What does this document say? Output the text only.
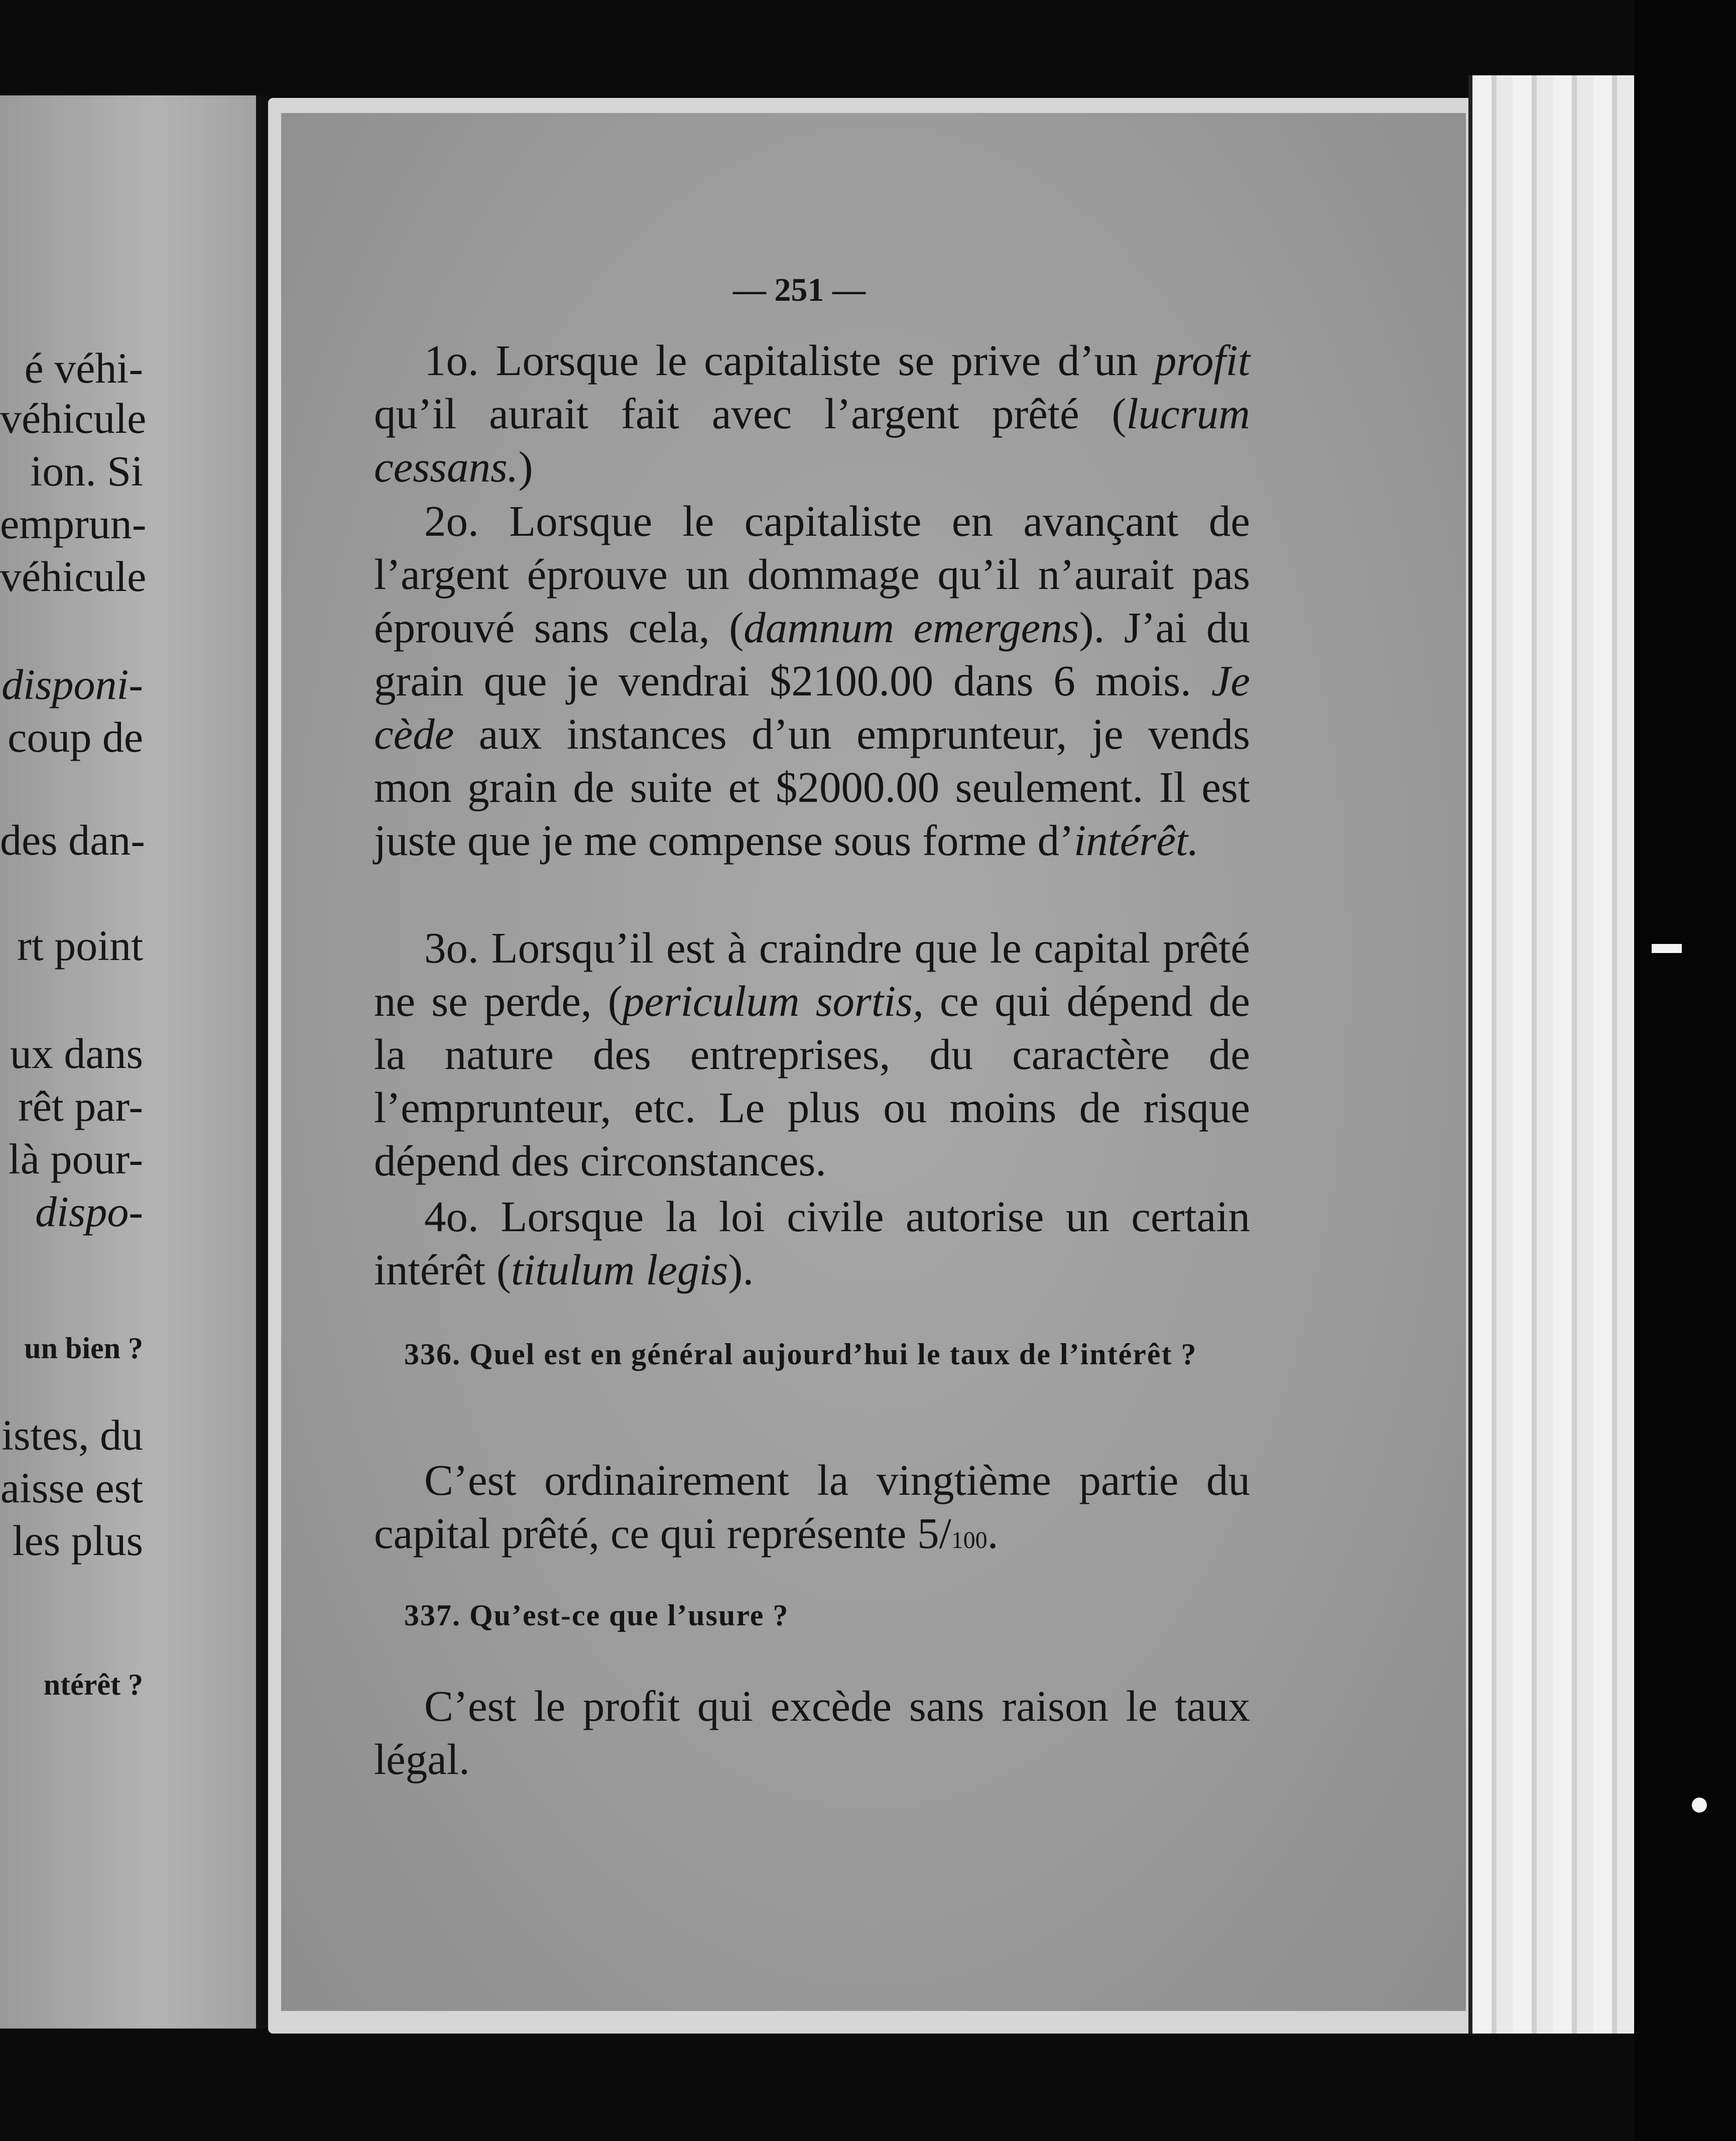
é véhi-
véhicule
ion. Si
emprun-
véhicule
disponi-
coup de
des dan-
rt point
ux dans
rêt par-
là pour-
dispo-
un bien ?
istes, du
aisse est
les plus
ntérêt ?
— 251 —

1o. Lorsque le capitaliste se prive d’un profit qu’il aurait fait avec l’argent prêté (lucrum cessans.)

2o. Lorsque le capitaliste en avançant de l’argent éprouve un dommage qu’il n’aurait pas éprouvé sans cela, (damnum emergens). J’ai du grain que je vendrai $2100.00 dans 6 mois. Je cède aux instances d’un emprunteur, je vends mon grain de suite et $2000.00 seulement. Il est juste que je me compense sous forme d’intérêt.

3o. Lorsqu’il est à craindre que le capital prêté ne se perde, (periculum sortis, ce qui dépend de la nature des entreprises, du caractère de l’emprunteur, etc. Le plus ou moins de risque dépend des circonstances.

4o. Lorsque la loi civile autorise un certain intérêt (titulum legis).

336. Quel est en général aujourd’hui le taux de l’intérêt ?

C’est ordinairement la vingtième partie du capital prêté, ce qui représente 5/100.

337. Qu’est-ce que l’usure ?

C’est le profit qui excède sans raison le taux légal.
